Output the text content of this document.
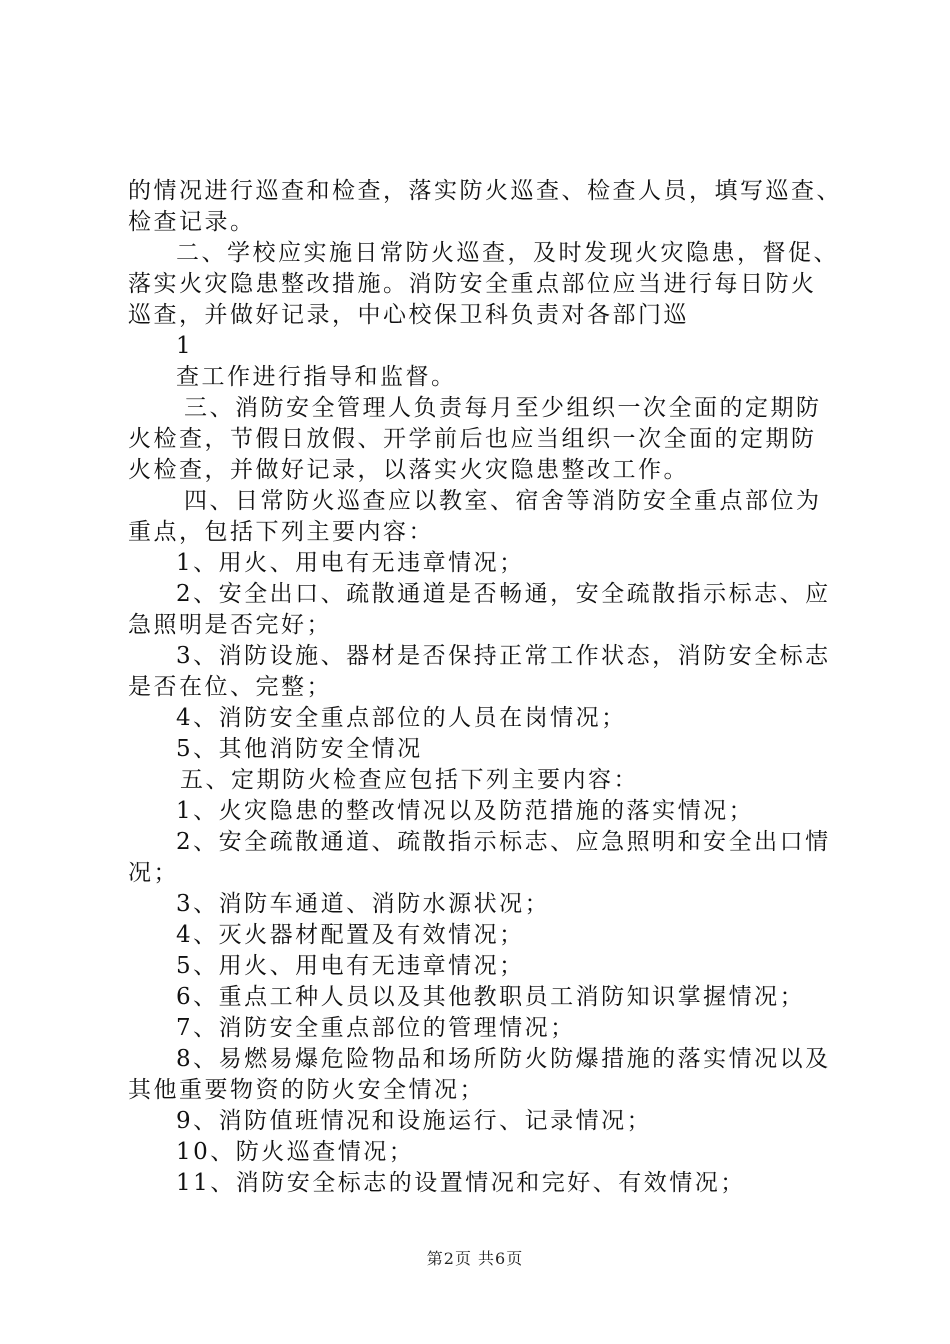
的情况进行巡查和检查，落实防火巡查、检查人员，填写巡查、
检查记录。
二、学校应实施日常防火巡查，及时发现火灾隐患，督促、
落实火灾隐患整改措施。消防安全重点部位应当进行每日防火
巡查，并做好记录，中心校保卫科负责对各部门巡
1
查工作进行指导和监督。
三、消防安全管理人负责每月至少组织一次全面的定期防
火检查，节假日放假、开学前后也应当组织一次全面的定期防
火检查，并做好记录，以落实火灾隐患整改工作。
四、日常防火巡查应以教室、宿舍等消防安全重点部位为
重点，包括下列主要内容：
1、用火、用电有无违章情况；
2、安全出口、疏散通道是否畅通，安全疏散指示标志、应
急照明是否完好；
3、消防设施、器材是否保持正常工作状态，消防安全标志
是否在位、完整；
4、消防安全重点部位的人员在岗情况；
5、其他消防安全情况
五、定期防火检查应包括下列主要内容：
1、火灾隐患的整改情况以及防范措施的落实情况；
2、安全疏散通道、疏散指示标志、应急照明和安全出口情
况；
3、消防车通道、消防水源状况；
4、灭火器材配置及有效情况；
5、用火、用电有无违章情况；
6、重点工种人员以及其他教职员工消防知识掌握情况；
7、消防安全重点部位的管理情况；
8、易燃易爆危险物品和场所防火防爆措施的落实情况以及
其他重要物资的防火安全情况；
9、消防值班情况和设施运行、记录情况；
10、防火巡查情况；
11、消防安全标志的设置情况和完好、有效情况；
第2页 共6页
